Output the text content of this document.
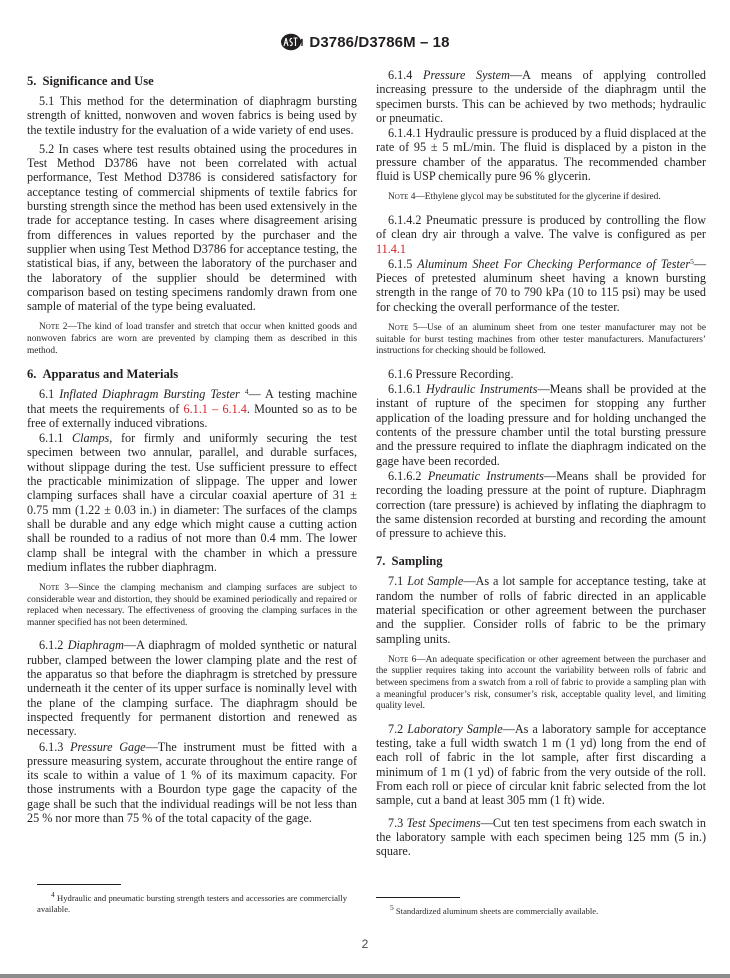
D3786/D3786M – 18
5. Significance and Use

5.1 This method for the determination of diaphragm bursting strength of knitted, nonwoven and woven fabrics is being used by the textile industry for the evaluation of a wide variety of end uses.

5.2 In cases where test results obtained using the procedures in Test Method D3786 have not been correlated with actual performance, Test Method D3786 is considered satisfactory for acceptance testing of commercial shipments of textile fabrics for bursting strength since the method has been used extensively in the trade for acceptance testing. In cases where disagreement arising from differences in values reported by the purchaser and the supplier when using Test Method D3786 for acceptance testing, the statistical bias, if any, between the laboratory of the purchaser and the laboratory of the supplier should be determined with comparison based on testing specimens randomly drawn from one sample of material of the type being evaluated.

Note 2—The kind of load transfer and stretch that occur when knitted goods and nonwoven fabrics are worn are prevented by clamping them as described in this method.
6. Apparatus and Materials

6.1 Inflated Diaphragm Bursting Tester $^4$— A testing machine that meets the requirements of 6.1.1 – 6.1.4. Mounted so as to be free of externally induced vibrations.

6.1.1 Clamps, for firmly and uniformly securing the test specimen between two annular, parallel, and durable surfaces, without slippage during the test. Use sufficient pressure to effect the practicable minimization of slippage. The upper and lower clamping surfaces shall have a circular coaxial aperture of 31 ± 0.75 mm (1.22 ± 0.03 in.) in diameter: The surfaces of the clamps shall be durable and any edge which might cause a cutting action shall be rounded to a radius of not more than 0.4 mm. The lower clamp shall be integral with the chamber in which a pressure medium inflates the rubber diaphragm.

Note 3—Since the clamping mechanism and clamping surfaces are subject to considerable wear and distortion, they should be examined periodically and repaired or replaced when necessary. The effectiveness of grooving the clamping surfaces in the manner specified has not been determined.

6.1.2 Diaphragm—A diaphragm of molded synthetic or natural rubber, clamped between the lower clamping plate and the rest of the apparatus so that before the diaphragm is stretched by pressure underneath it the center of its upper surface is nominally level with the plane of the clamping surface. The diaphragm should be inspected frequently for permanent distortion and renewed as necessary.

6.1.3 Pressure Gage—The instrument must be fitted with a pressure measuring system, accurate throughout the entire range of its scale to within a value of 1 % of its maximum capacity. For those instruments with a Bourdon type gage the capacity of the gage shall be such that the individual readings will be not less than 25 % nor more than 75 % of the total capacity of the gage.

$^4$ Hydraulic and pneumatic bursting strength testers and accessories are commercially available.

6.1.4 Pressure System—A means of applying controlled increasing pressure to the underside of the diaphragm until the specimen bursts. This can be achieved by two methods; hydraulic or pneumatic.

6.1.4.1 Hydraulic pressure is produced by a fluid displaced at the rate of 95 ± 5 mL/min. The fluid is displaced by a piston in the pressure chamber of the apparatus. The recommended chamber fluid is USP chemically pure 96 % glycerin.

Note 4—Ethylene glycol may be substituted for the glycerine if desired.

6.1.4.2 Pneumatic pressure is produced by controlling the flow of clean dry air through a valve. The valve is configured as per 11.4.1

6.1.5 Aluminum Sheet For Checking Performance of Tester$^5$—Pieces of pretested aluminum sheet having a known bursting strength in the range of 70 to 790 kPa (10 to 115 psi) may be used for checking the overall performance of the tester.

Note 5—Use of an aluminum sheet from one tester manufacturer may not be suitable for burst testing machines from other tester manufacturers. Manufacturers’ instructions for checking should be followed.

6.1.6 Pressure Recording.

6.1.6.1 Hydraulic Instruments—Means shall be provided at the instant of rupture of the specimen for stopping any further application of the loading pressure and for holding unchanged the contents of the pressure chamber until the total bursting pressure and the pressure required to inflate the diaphragm indicated on the gage have been recorded.

6.1.6.2 Pneumatic Instruments—Means shall be provided for recording the loading pressure at the point of rupture. Diaphragm correction (tare pressure) is achieved by inflating the diaphragm to the same distension recorded at bursting and recording the amount of pressure to achieve this.

7. Sampling

7.1 Lot Sample—As a lot sample for acceptance testing, take at random the number of rolls of fabric directed in an applicable material specification or other agreement between the purchaser and the supplier. Consider rolls of fabric to be the primary sampling units.

Note 6—An adequate specification or other agreement between the purchaser and the supplier requires taking into account the variability between rolls of fabric and between specimens from a swatch from a roll of fabric to provide a sampling plan with a meaningful producer’s risk, consumer’s risk, acceptable quality level, and limiting quality level.

7.2 Laboratory Sample—As a laboratory sample for acceptance testing, take a full width swatch 1 m (1 yd) long from the end of each roll of fabric in the lot sample, after first discarding a minimum of 1 m (1 yd) of fabric from the very outside of the roll. From each roll or piece of circular knit fabric selected from the lot sample, cut a band at least 305 mm (1 ft) wide.

7.3 Test Specimens—Cut ten test specimens from each swatch in the laboratory sample with each specimen being 125 mm (5 in.) square.

$^5$ Standardized aluminum sheets are commercially available.
2
